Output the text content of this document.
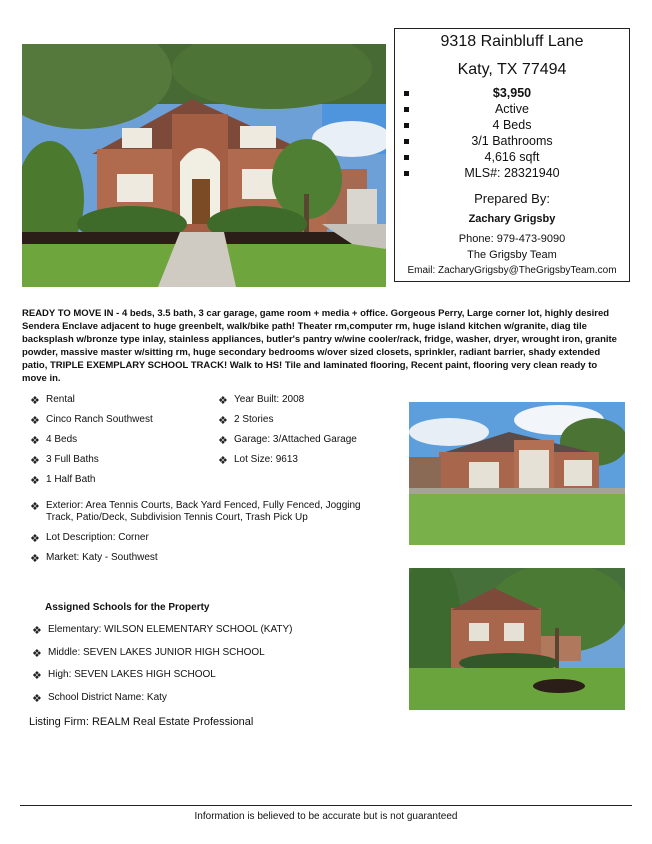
9318 Rainbluff Lane
Katy, TX 77494
$3,950
Active
4 Beds
3/1 Bathrooms
4,616 sqft
MLS#: 28321940
Prepared By:
Zachary Grigsby
Phone: 979-473-9090
The Grigsby Team
Email: ZacharyGrigsby@TheGrigsbyTeam.com
READY TO MOVE IN - 4 beds, 3.5 bath, 3 car garage, game room + media + office. Gorgeous Perry, Large corner lot, highly desired Sendera Enclave adjacent to huge greenbelt, walk/bike path! Theater rm,computer rm, huge island kitchen w/granite, diag tile backsplash w/bronze type inlay, stainless appliances, butler's pantry w/wine cooler/rack, fridge, washer, dryer, wrought iron, granite powder, massive master w/sitting rm, huge secondary bedrooms w/over sized closets, sprinkler, radiant barrier, shady extended patio, TRIPLE EXEMPLARY SCHOOL TRACK! Walk to HS! Tile and laminated flooring, Recent paint, flooring very clean ready to move in.
❖ Rental
❖ Cinco Ranch Southwest
❖ 4 Beds
❖ 3 Full Baths
❖ 1 Half Bath
❖ Year Built: 2008
❖ 2 Stories
❖ Garage: 3/Attached Garage
❖ Lot Size: 9613
❖ Exterior: Area Tennis Courts, Back Yard Fenced, Fully Fenced, Jogging Track, Patio/Deck, Subdivision Tennis Court, Trash Pick Up
❖ Lot Description: Corner
❖ Market: Katy - Southwest
Assigned Schools for the Property
❖ Elementary: WILSON ELEMENTARY SCHOOL (KATY)
❖ Middle: SEVEN LAKES JUNIOR HIGH SCHOOL
❖ High: SEVEN LAKES HIGH SCHOOL
❖ School District Name: Katy
Listing Firm: REALM Real Estate Professional
Information is believed to be accurate but is not guaranteed
